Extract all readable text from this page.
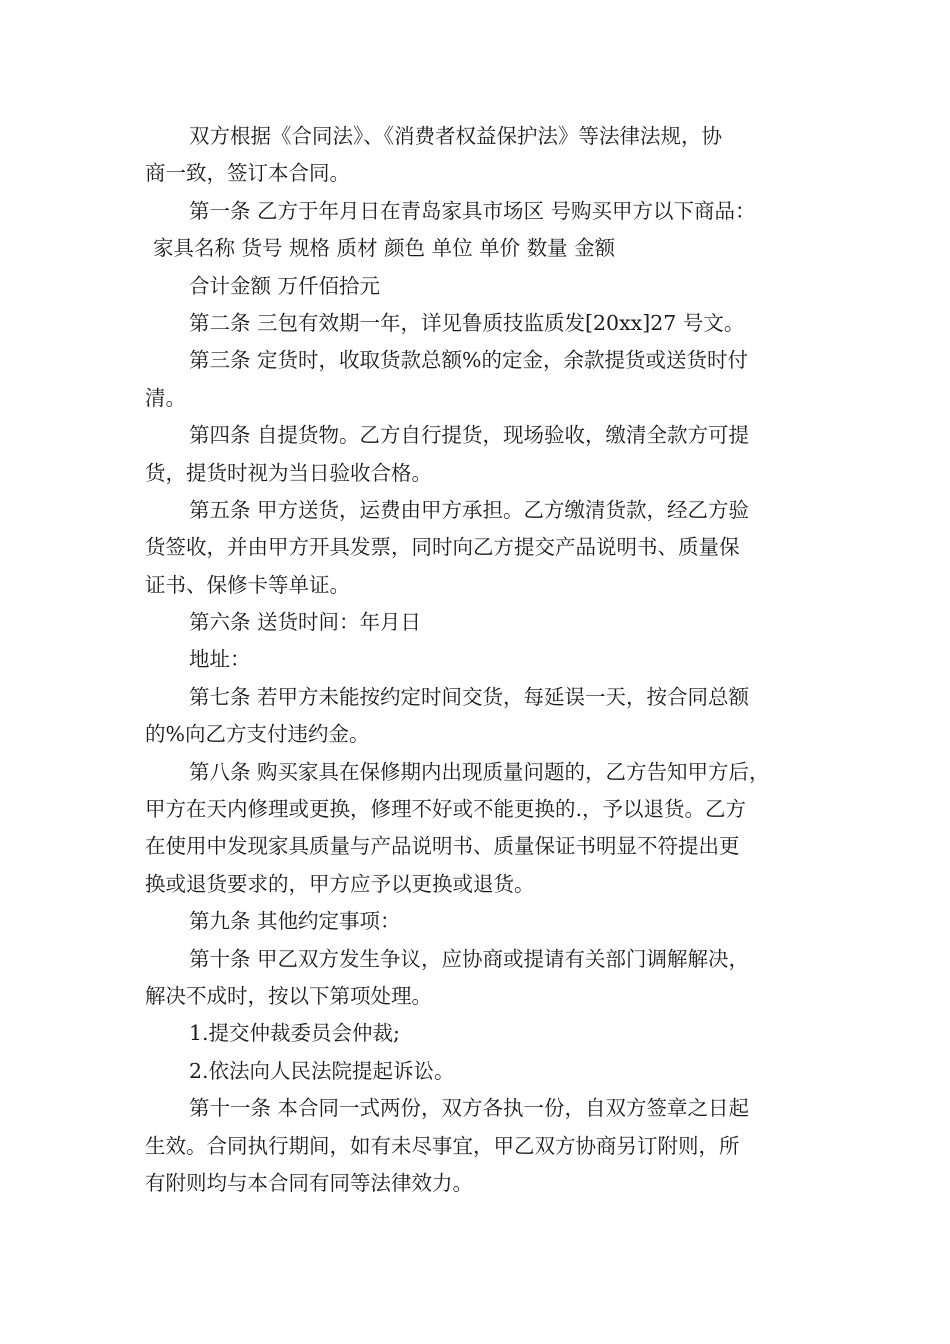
双方根据《合同法》、《消费者权益保护法》等法律法规，协
商一致，签订本合同。
第一条 乙方于年月日在青岛家具市场区 号购买甲方以下商品：
家具名称 货号 规格 质材 颜色 单位 单价 数量 金额
合计金额 万仟佰拾元
第二条 三包有效期一年，详见鲁质技监质发[20xx]27 号文。
第三条 定货时，收取货款总额%的定金，余款提货或送货时付
清。
第四条 自提货物。乙方自行提货，现场验收，缴清全款方可提
货，提货时视为当日验收合格。
第五条 甲方送货，运费由甲方承担。乙方缴清货款，经乙方验
货签收，并由甲方开具发票，同时向乙方提交产品说明书、质量保
证书、保修卡等单证。
第六条 送货时间：年月日
地址：
第七条 若甲方未能按约定时间交货，每延误一天，按合同总额
的%向乙方支付违约金。
第八条 购买家具在保修期内出现质量问题的，乙方告知甲方后，
甲方在天内修理或更换，修理不好或不能更换的.，予以退货。乙方
在使用中发现家具质量与产品说明书、质量保证书明显不符提出更
换或退货要求的，甲方应予以更换或退货。
第九条 其他约定事项：
第十条 甲乙双方发生争议，应协商或提请有关部门调解解决，
解决不成时，按以下第项处理。
1.提交仲裁委员会仲裁;
2.依法向人民法院提起诉讼。
第十一条 本合同一式两份，双方各执一份，自双方签章之日起
生效。合同执行期间，如有未尽事宜，甲乙双方协商另订附则，所
有附则均与本合同有同等法律效力。
